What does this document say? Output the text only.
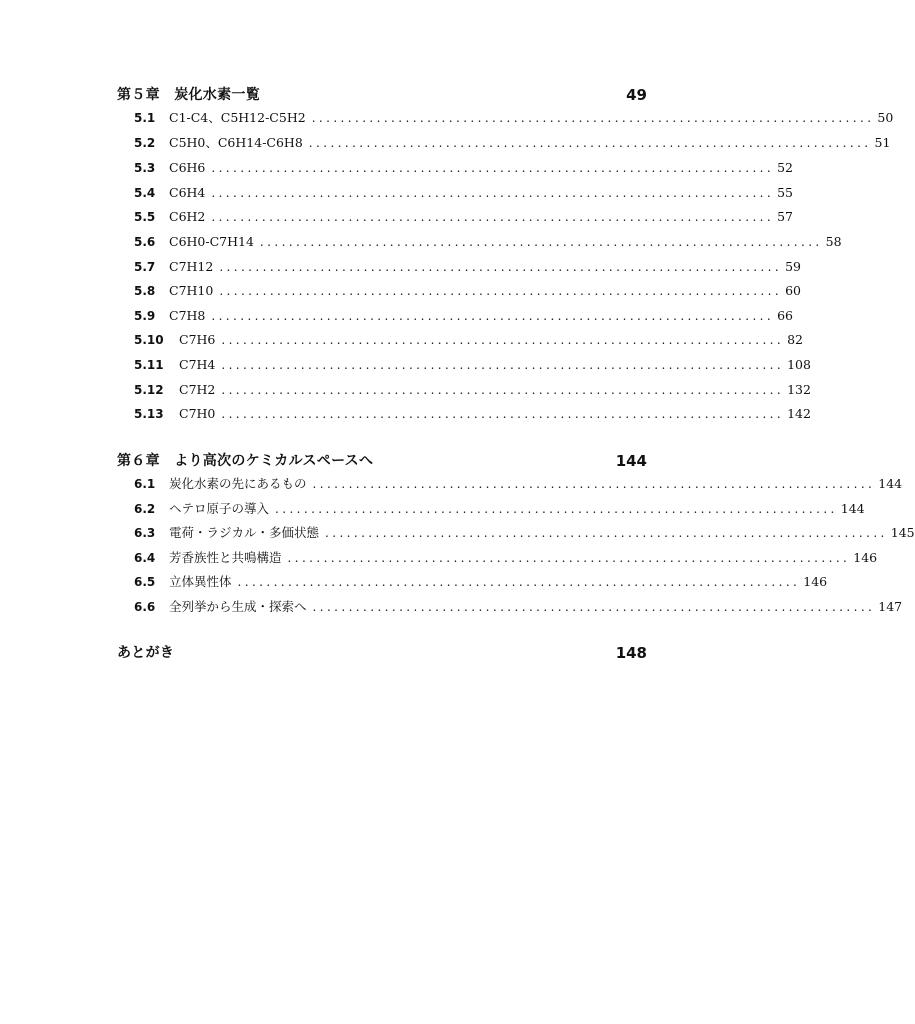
第５章　炭化水素一覧	49
5.1 C1-C4、C5H12-C5H2 .............................................................................. 50
5.2 C5H0、C6H14-C6H8 .............................................................................. 51
5.3 C6H6 .............................................................................. 52
5.4 C6H4 .............................................................................. 55
5.5 C6H2 .............................................................................. 57
5.6 C6H0-C7H14 .............................................................................. 58
5.7 C7H12 .............................................................................. 59
5.8 C7H10 .............................................................................. 60
5.9 C7H8 .............................................................................. 66
5.10 C7H6 .............................................................................. 82
5.11 C7H4 .............................................................................. 108
5.12 C7H2 .............................................................................. 132
5.13 C7H0 .............................................................................. 142
第６章　より高次のケミカルスペースへ	144
6.1 炭化水素の先にあるもの .............................................................................. 144
6.2 ヘテロ原子の導入 .............................................................................. 144
6.3 電荷・ラジカル・多価状態 .............................................................................. 145
6.4 芳香族性と共鳴構造 .............................................................................. 146
6.5 立体異性体 .............................................................................. 146
6.6 全列挙から生成・探索へ .............................................................................. 147
あとがき	148
